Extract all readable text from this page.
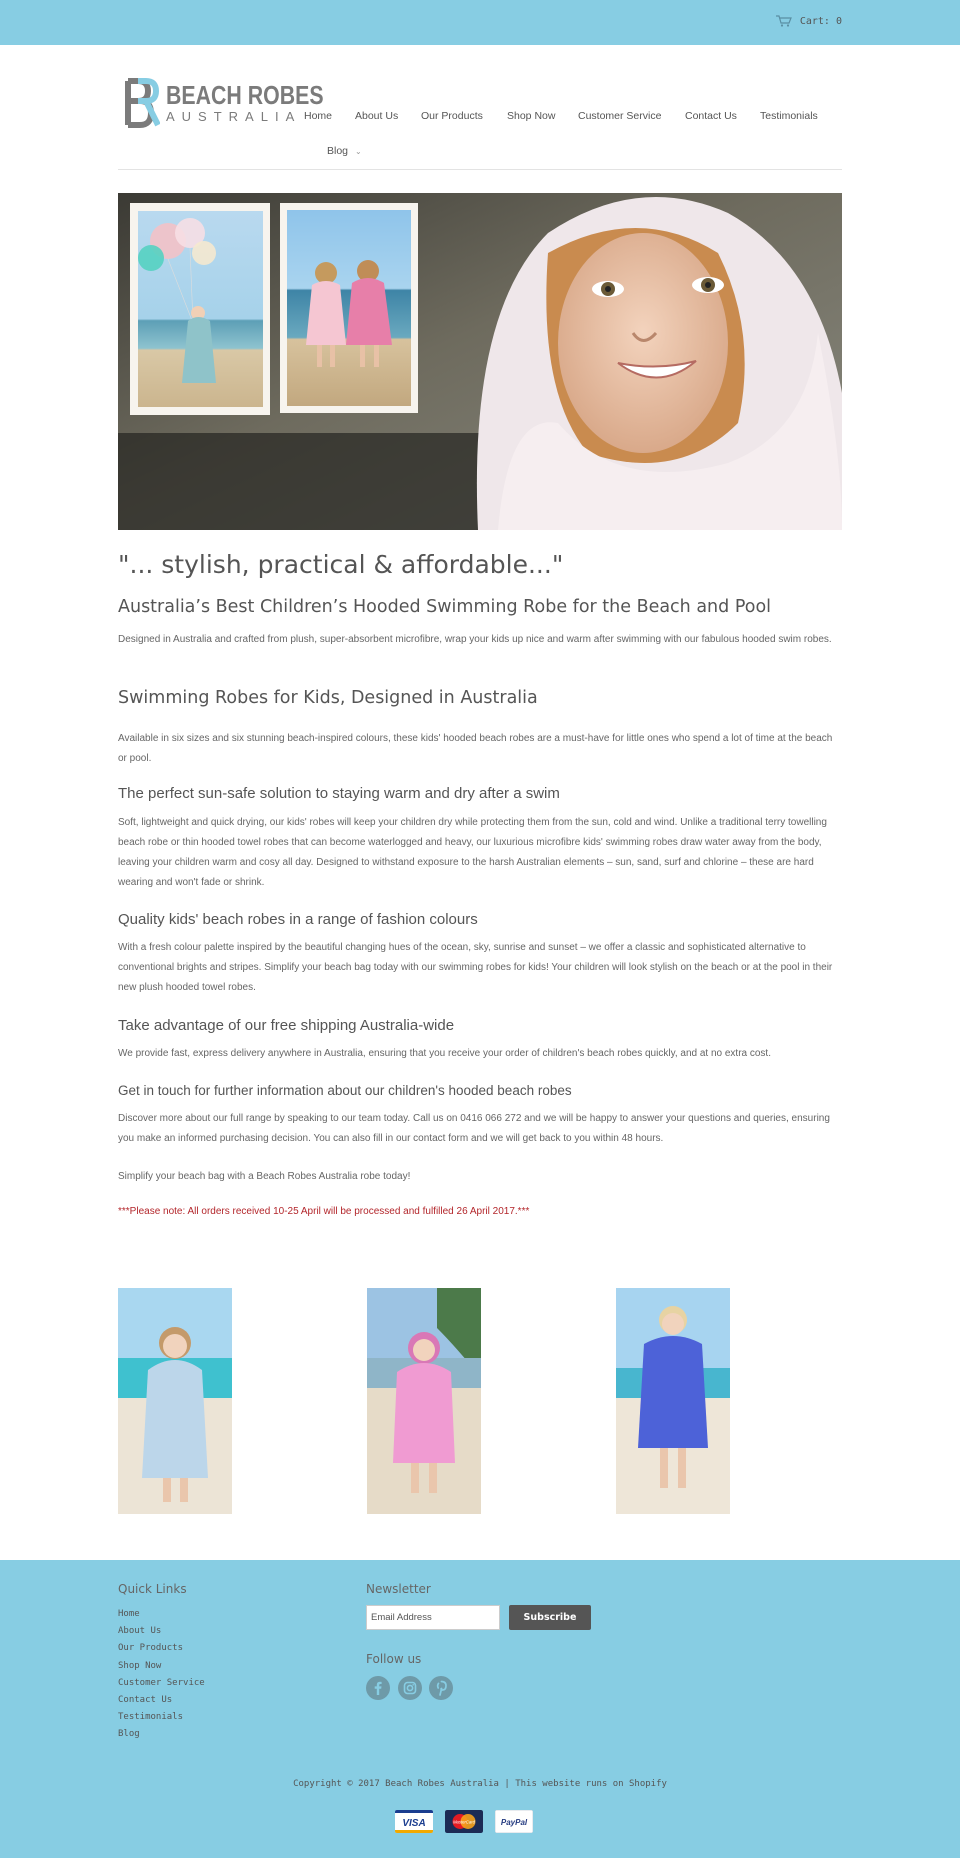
Cart: 0
BEACH ROBES
AUSTRALIA Home About Us Our Products Shop Now Customer Service Contact Us Testimonials
Blog ⌄
"... stylish, practical & affordable..."
Australia’s Best Children’s Hooded Swimming Robe for the Beach and Pool

Designed in Australia and crafted from plush, super-absorbent microfibre, wrap your kids up nice and warm after swimming with our fabulous hooded swim robes.

Swimming Robes for Kids, Designed in Australia

Available in six sizes and six stunning beach-inspired colours, these kids' hooded beach robes are a must-have for little ones who spend a lot of time at the beach or pool.

The perfect sun-safe solution to staying warm and dry after a swim

Soft, lightweight and quick drying, our kids' robes will keep your children dry while protecting them from the sun, cold and wind. Unlike a traditional terry towelling beach robe or thin hooded towel robes that can become waterlogged and heavy, our luxurious microfibre kids' swimming robes draw water away from the body, leaving your children warm and cosy all day. Designed to withstand exposure to the harsh Australian elements – sun, sand, surf and chlorine – these are hard wearing and won't fade or shrink.

Quality kids' beach robes in a range of fashion colours

With a fresh colour palette inspired by the beautiful changing hues of the ocean, sky, sunrise and sunset – we offer a classic and sophisticated alternative to conventional brights and stripes. Simplify your beach bag today with our swimming robes for kids! Your children will look stylish on the beach or at the pool in their new plush hooded towel robes.

Take advantage of our free shipping Australia-wide

We provide fast, express delivery anywhere in Australia, ensuring that you receive your order of children's beach robes quickly, and at no extra cost.

Get in touch for further information about our children's hooded beach robes

Discover more about our full range by speaking to our team today. Call us on 0416 066 272 and we will be happy to answer your questions and queries, ensuring you make an informed purchasing decision. You can also fill in our contact form and we will get back to you within 48 hours.

Simplify your beach bag with a Beach Robes Australia robe today!

***Please note: All orders received 10-25 April will be processed and fulfilled 26 April 2017.***

Quick Links
Home
About Us
Our Products
Shop Now
Customer Service
Contact Us
Testimonials
Blog
Newsletter
Email Address	Subscribe
Follow us
Copyright © 2017 Beach Robes Australia | This website runs on Shopify
VISA	MasterCard	PayPal
